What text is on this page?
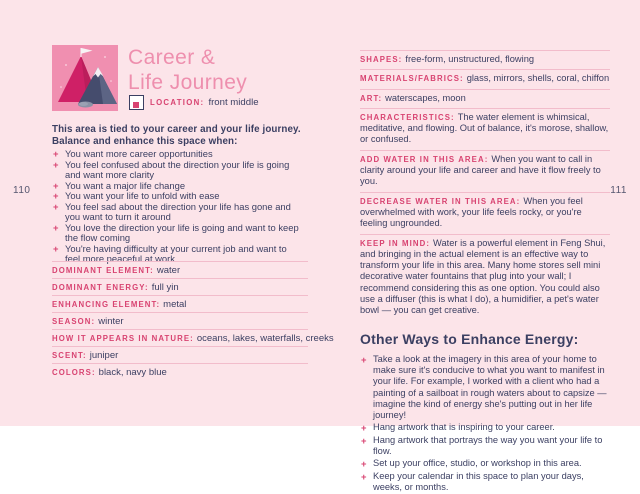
110	111
Career &
Life Journey
LOCATION: front middle
This area is tied to your career and your life journey.
Balance and enhance this space when:
+ You want more career opportunities
+ You feel confused about the direction your life is going and want more clarity
+ You want a major life change
+ You want your life to unfold with ease
+ You feel sad about the direction your life has gone and you want to turn it around
+ You love the direction your life is going and want to keep the flow coming
+ You're having difficulty at your current job and want to feel more peaceful at work
DOMINANT ELEMENT: water
DOMINANT ENERGY: full yin
ENHANCING ELEMENT: metal
SEASON: winter
HOW IT APPEARS IN NATURE: oceans, lakes, waterfalls, creeks
SCENT: juniper
COLORS: black, navy blue
SHAPES: free-form, unstructured, flowing
MATERIALS/FABRICS: glass, mirrors, shells, coral, chiffon
ART: waterscapes, moon
CHARACTERISTICS: The water element is whimsical, meditative, and flowing. Out of balance, it's morose, shallow, or confused.
ADD WATER IN THIS AREA: When you want to call in clarity around your life and career and have it flow freely to you.
DECREASE WATER IN THIS AREA: When you feel overwhelmed with work, your life feels rocky, or you're feeling ungrounded.
KEEP IN MIND: Water is a powerful element in Feng Shui, and bringing in the actual element is an effective way to transform your life in this area. Many home stores sell mini decorative water fountains that plug into your wall; I recommend considering this as one option. You could also use a diffuser (this is what I do), a humidifier, a pet's water bowl — you can get creative.
Other Ways to Enhance Energy:
+ Take a look at the imagery in this area of your home to make sure it's conducive to what you want to manifest in your life. For example, I worked with a client who had a painting of a sailboat in rough waters about to capsize — imagine the kind of energy she's putting out in her life journey!
+ Hang artwork that is inspiring to your career.
+ Hang artwork that portrays the way you want your life to flow.
+ Set up your office, studio, or workshop in this area.
+ Keep your calendar in this space to plan your days, weeks, or months.
